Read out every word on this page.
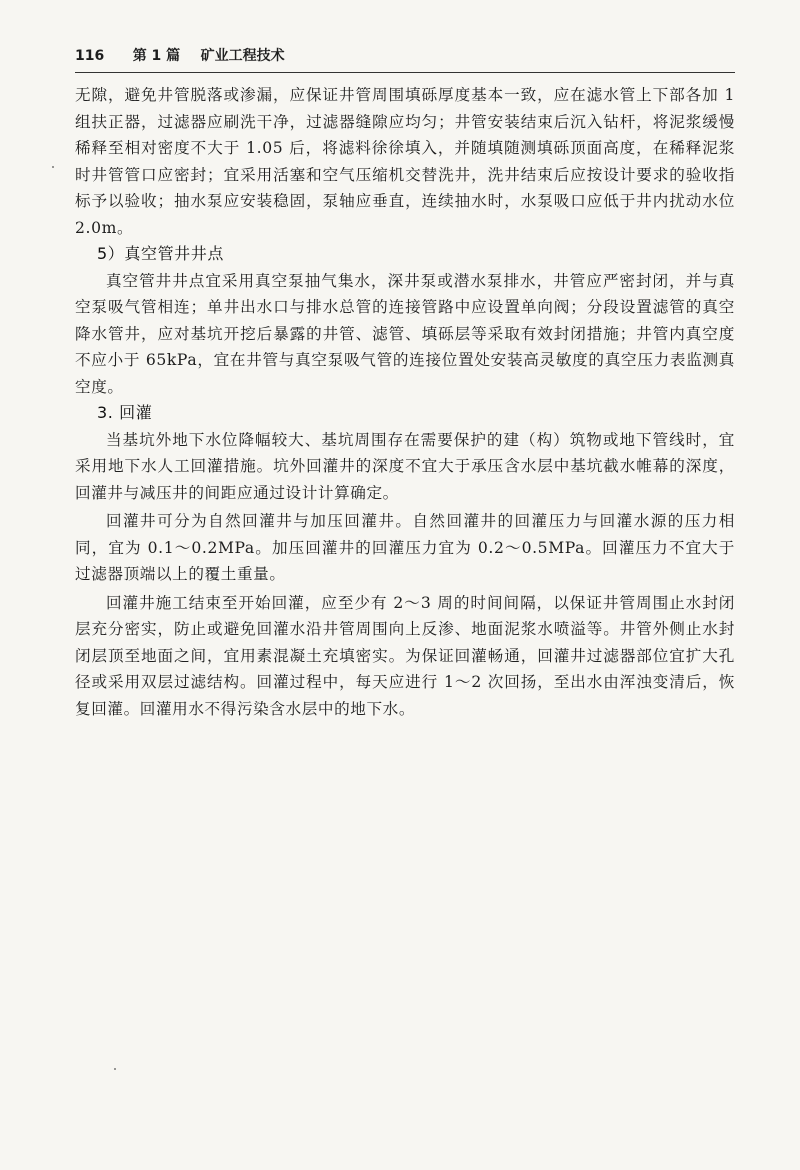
116 第 1 篇 矿业工程技术

无隙，避免井管脱落或渗漏，应保证井管周围填砾厚度基本一致，应在滤水管上下部各加 1 组扶正器，过滤器应刷洗干净，过滤器缝隙应均匀；井管安装结束后沉入钻杆，将泥浆缓慢稀释至相对密度不大于 1.05 后，将滤料徐徐填入，并随填随测填砾顶面高度，在稀释泥浆时井管管口应密封；宜采用活塞和空气压缩机交替洗井，洗井结束后应按设计要求的验收指标予以验收；抽水泵应安装稳固，泵轴应垂直，连续抽水时，水泵吸口应低于井内扰动水位 2.0m。

5）真空管井井点

真空管井井点宜采用真空泵抽气集水，深井泵或潜水泵排水，井管应严密封闭，并与真空泵吸气管相连；单井出水口与排水总管的连接管路中应设置单向阀；分段设置滤管的真空降水管井，应对基坑开挖后暴露的井管、滤管、填砾层等采取有效封闭措施；井管内真空度不应小于 65kPa，宜在井管与真空泵吸气管的连接位置处安装高灵敏度的真空压力表监测真空度。

3. 回灌

当基坑外地下水位降幅较大、基坑周围存在需要保护的建（构）筑物或地下管线时，宜采用地下水人工回灌措施。坑外回灌井的深度不宜大于承压含水层中基坑截水帷幕的深度，回灌井与减压井的间距应通过设计计算确定。

回灌井可分为自然回灌井与加压回灌井。自然回灌井的回灌压力与回灌水源的压力相同，宜为 0.1～0.2MPa。加压回灌井的回灌压力宜为 0.2～0.5MPa。回灌压力不宜大于过滤器顶端以上的覆土重量。

回灌井施工结束至开始回灌，应至少有 2～3 周的时间间隔，以保证井管周围止水封闭层充分密实，防止或避免回灌水沿井管周围向上反渗、地面泥浆水喷溢等。井管外侧止水封闭层顶至地面之间，宜用素混凝土充填密实。为保证回灌畅通，回灌井过滤器部位宜扩大孔径或采用双层过滤结构。回灌过程中，每天应进行 1～2 次回扬，至出水由浑浊变清后，恢复回灌。回灌用水不得污染含水层中的地下水。
